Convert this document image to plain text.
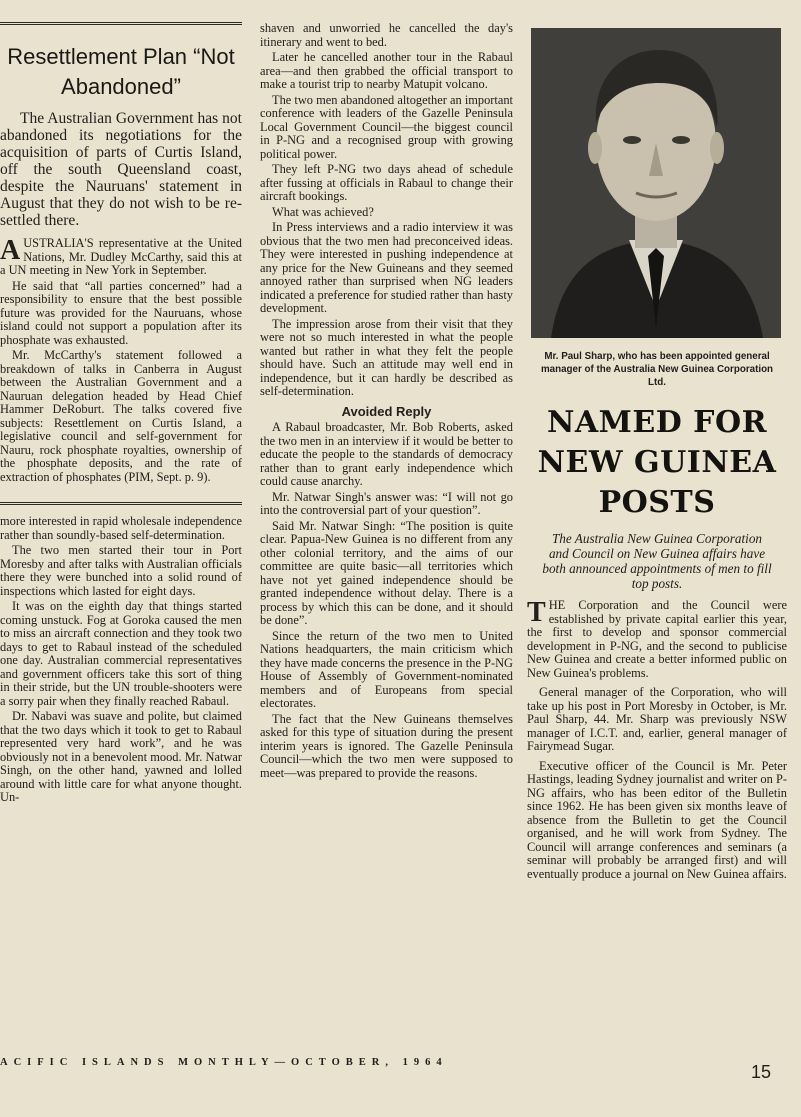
Resettlement Plan “Not Abandoned”
The Australian Government has not abandoned its negotiations for the acquisition of parts of Curtis Island, off the south Queensland coast, despite the Nauruans' statement in August that they do not wish to be re-settled there.

AUSTRALIA'S representative at the United Nations, Mr. Dudley McCarthy, said this at a UN meeting in New York in September.

He said that “all parties concerned” had a responsibility to ensure that the best possible future was provided for the Nauruans, whose island could not support a population after its phosphate was exhausted.

Mr. McCarthy's statement followed a breakdown of talks in Canberra in August between the Australian Government and a Nauruan delegation headed by Head Chief Hammer DeRoburt. The talks covered five subjects: Resettlement on Curtis Island, a legislative council and self-government for Nauru, rock phosphate royalties, ownership of the phosphate deposits, and the rate of extraction of phosphates (PIM, Sept. p. 9).

more interested in rapid wholesale independence rather than soundly-based self-determination.

The two men started their tour in Port Moresby and after talks with Australian officials there they were bunched into a solid round of inspections which lasted for eight days.

It was on the eighth day that things started coming unstuck. Fog at Goroka caused the men to miss an aircraft connection and they took two days to get to Rabaul instead of the scheduled one day. Australian commercial representatives and government officers take this sort of thing in their stride, but the UN trouble-shooters were a sorry pair when they finally reached Rabaul.

Dr. Nabavi was suave and polite, but claimed that the two days which it took to get to Rabaul represented very hard work”, and he was obviously not in a benevolent mood. Mr. Natwar Singh, on the other hand, yawned and lolled around with little care for what anyone thought. Un-

shaven and unworried he cancelled the day's itinerary and went to bed.

Later he cancelled another tour in the Rabaul area—and then grabbed the official transport to make a tourist trip to nearby Matupit volcano.

The two men abandoned altogether an important conference with leaders of the Gazelle Peninsula Local Government Council—the biggest council in P-NG and a recognised group with growing political power.

They left P-NG two days ahead of schedule after fussing at officials in Rabaul to change their aircraft bookings.

What was achieved?

In Press interviews and a radio interview it was obvious that the two men had preconceived ideas. They were interested in pushing independence at any price for the New Guineans and they seemed annoyed rather than surprised when NG leaders indicated a preference for studied rather than hasty development.

The impression arose from their visit that they were not so much interested in what the people wanted but rather in what they felt the people should have. Such an attitude may well end in independence, but it can hardly be described as self-determination.

Avoided Reply

A Rabaul broadcaster, Mr. Bob Roberts, asked the two men in an interview if it would be better to educate the people to the standards of democracy rather than to grant early independence which could cause anarchy.

Mr. Natwar Singh's answer was: “I will not go into the controversial part of your question”.

Said Mr. Natwar Singh: “The position is quite clear. Papua-New Guinea is no different from any other colonial territory, and the aims of our committee are quite basic—all territories which have not yet gained independence should be granted independence without delay. There is a process by which this can be done, and it should be done”.

Since the return of the two men to United Nations headquarters, the main criticism which they have made concerns the presence in the P-NG House of Assembly of Government-nominated members and of Europeans from special electorates.

The fact that the New Guineans themselves asked for this type of situation during the present interim years is ignored. The Gazelle Peninsula Council—which the two men were supposed to meet—was prepared to provide the reasons.

Mr. Paul Sharp, who has been appointed general manager of the Australia New Guinea Corporation Ltd.
NAMED FOR NEW GUINEA POSTS
The Australia New Guinea Corporation and Council on New Guinea affairs have both announced appointments of men to fill top posts.

THE Corporation and the Council were established by private capital earlier this year, the first to develop and sponsor commercial development in P-NG, and the second to publicise New Guinea and create a better informed public on New Guinea's problems.

General manager of the Corporation, who will take up his post in Port Moresby in October, is Mr. Paul Sharp, 44. Mr. Sharp was previously NSW manager of I.C.T. and, earlier, general manager of Fairymead Sugar.

Executive officer of the Council is Mr. Peter Hastings, leading Sydney journalist and writer on P-NG affairs, who has been editor of the Bulletin since 1962. He has been given six months leave of absence from the Bulletin to get the Council organised, and he will work from Sydney. The Council will arrange conferences and seminars (a seminar will probably be arranged first) and will eventually produce a journal on New Guinea affairs.

ACIFIC ISLANDS MONTHLY—OCTOBER, 1964	15
